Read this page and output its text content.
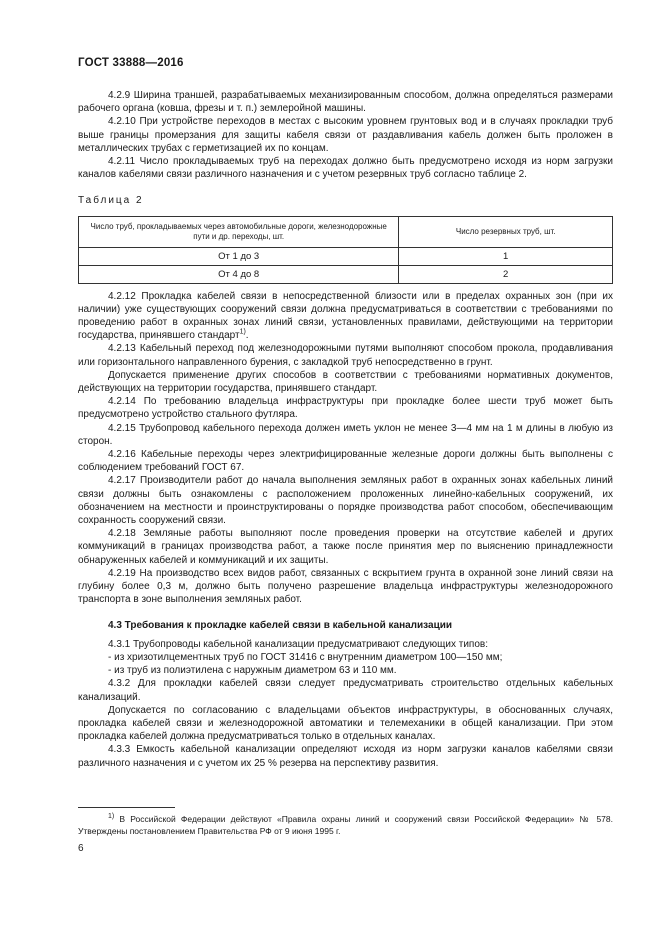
ГОСТ 33888—2016

4.2.9 Ширина траншей, разрабатываемых механизированным способом, должна определяться размерами рабочего органа (ковша, фрезы и т. п.) землеройной машины.

4.2.10 При устройстве переходов в местах с высоким уровнем грунтовых вод и в случаях прокладки труб выше границы промерзания для защиты кабеля связи от раздавливания кабель должен быть проложен в металлических трубах с герметизацией их по концам.

4.2.11 Число прокладываемых труб на переходах должно быть предусмотрено исходя из норм загрузки каналов кабелями связи различного назначения и с учетом резервных труб согласно таблице 2.

Таблица 2

Число труб, прокладываемых через автомобильные дороги, железнодорожные пути и др. переходы, шт.	Число резервных труб, шт.
От 1 до 3	1
От 4 до 8	2

4.2.12 Прокладка кабелей связи в непосредственной близости или в пределах охранных зон (при их наличии) уже существующих сооружений связи должна предусматриваться в соответствии с требованиями по проведению работ в охранных зонах линий связи, установленных правилами, действующими на территории государства, принявшего стандарт$^{1)}$.

4.2.13 Кабельный переход под железнодорожными путями выполняют способом прокола, продавливания или горизонтального направленного бурения, с закладкой труб непосредственно в грунт.

Допускается применение других способов в соответствии с требованиями нормативных документов, действующих на территории государства, принявшего стандарт.

4.2.14 По требованию владельца инфраструктуры при прокладке более шести труб может быть предусмотрено устройство стального футляра.

4.2.15 Трубопровод кабельного перехода должен иметь уклон не менее 3—4 мм на 1 м длины в любую из сторон.

4.2.16 Кабельные переходы через электрифицированные железные дороги должны быть выполнены с соблюдением требований ГОСТ 67.

4.2.17 Производители работ до начала выполнения земляных работ в охранных зонах кабельных линий связи должны быть ознакомлены с расположением проложенных линейно-кабельных сооружений, их обозначением на местности и проинструктированы о порядке производства работ способом, обеспечивающим сохранность сооружений связи.

4.2.18 Земляные работы выполняют после проведения проверки на отсутствие кабелей и других коммуникаций в границах производства работ, а также после принятия мер по выяснению принадлежности обнаруженных кабелей и коммуникаций и их защиты.

4.2.19 На производство всех видов работ, связанных с вскрытием грунта в охранной зоне линий связи на глубину более 0,3 м, должно быть получено разрешение владельца инфраструктуры железнодорожного транспорта в зоне выполнения земляных работ.

4.3 Требования к прокладке кабелей связи в кабельной канализации

4.3.1 Трубопроводы кабельной канализации предусматривают следующих типов:

- из хризотилцементных труб по ГОСТ 31416 с внутренним диаметром 100—150 мм;

- из труб из полиэтилена с наружным диаметром 63 и 110 мм.

4.3.2 Для прокладки кабелей связи следует предусматривать строительство отдельных кабельных канализаций.

Допускается по согласованию с владельцами объектов инфраструктуры, в обоснованных случаях, прокладка кабелей связи и железнодорожной автоматики и телемеханики в общей канализации. При этом прокладка кабелей должна предусматриваться только в отдельных каналах.

4.3.3 Емкость кабельной канализации определяют исходя из норм загрузки каналов кабелями связи различного назначения и с учетом их 25 % резерва на перспективу развития.

$^{1)}$ В Российской Федерации действуют «Правила охраны линий и сооружений связи Российской Федерации» № 578. Утверждены постановлением Правительства РФ от 9 июня 1995 г.

6
